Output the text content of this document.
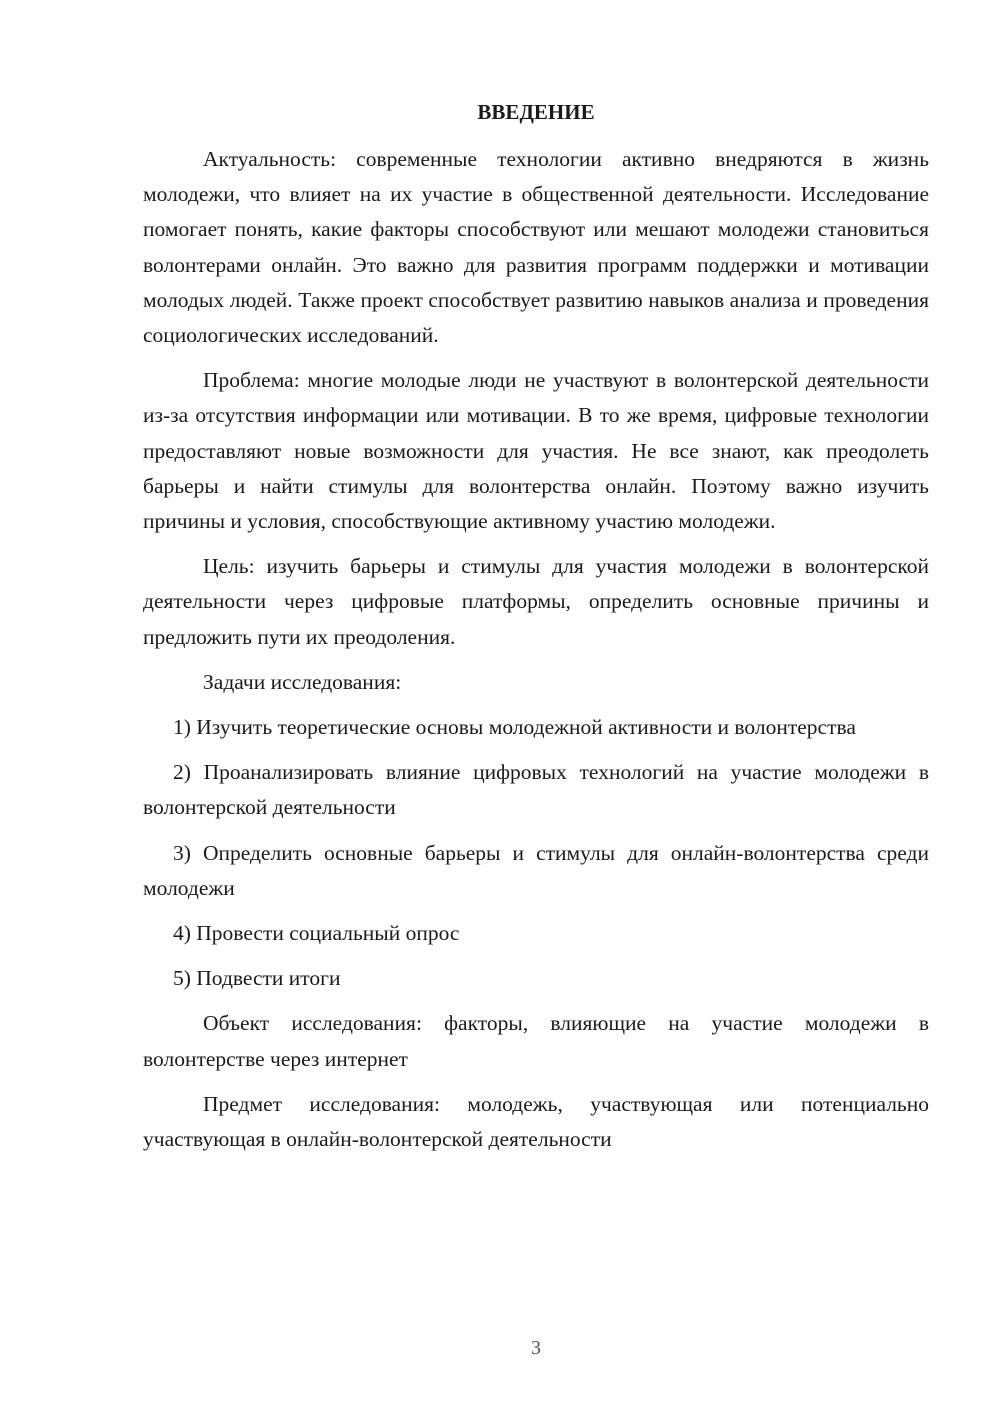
ВВЕДЕНИЕ

Актуальность: современные технологии активно внедряются в жизнь молодежи, что влияет на их участие в общественной деятельности. Исследование помогает понять, какие факторы способствуют или мешают молодежи становиться волонтерами онлайн. Это важно для развития программ поддержки и мотивации молодых людей. Также проект способствует развитию навыков анализа и проведения социологических исследований.

Проблема: многие молодые люди не участвуют в волонтерской деятельности из-за отсутствия информации или мотивации. В то же время, цифровые технологии предоставляют новые возможности для участия. Не все знают, как преодолеть барьеры и найти стимулы для волонтерства онлайн. Поэтому важно изучить причины и условия, способствующие активному участию молодежи.

Цель: изучить барьеры и стимулы для участия молодежи в волонтерской деятельности через цифровые платформы, определить основные причины и предложить пути их преодоления.

Задачи исследования:

1) Изучить теоретические основы молодежной активности и волонтерства

2) Проанализировать влияние цифровых технологий на участие молодежи в волонтерской деятельности

3) Определить основные барьеры и стимулы для онлайн-волонтерства среди молодежи

4) Провести социальный опрос

5) Подвести итоги

Объект исследования: факторы, влияющие на участие молодежи в волонтерстве через интернет

Предмет исследования: молодежь, участвующая или потенциально участвующая в онлайн-волонтерской деятельности

3
